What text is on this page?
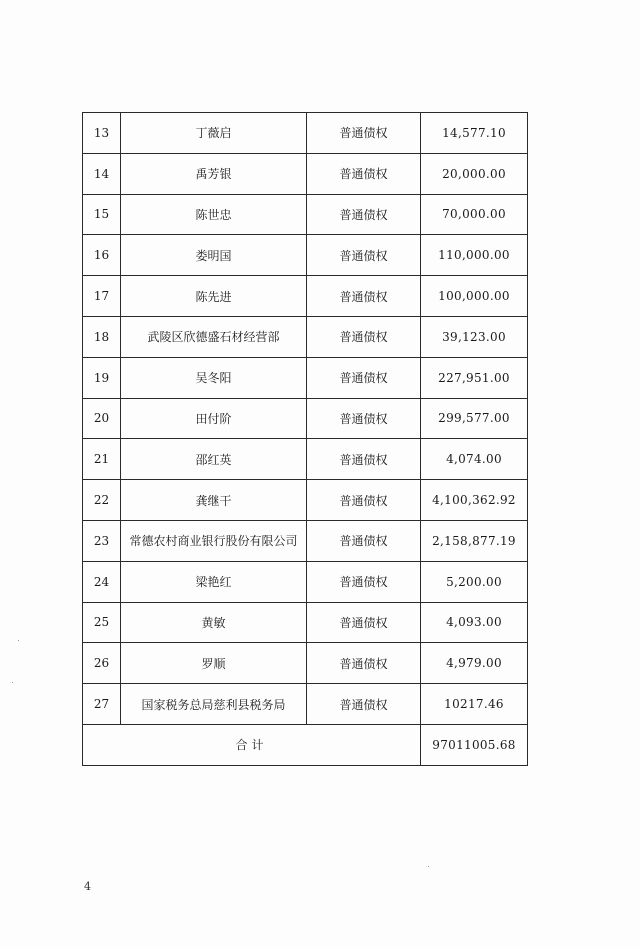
13	丁薇启	普通债权	14,577.10
14	禹芳银	普通债权	20,000.00
15	陈世忠	普通债权	70,000.00
16	娄明国	普通债权	110,000.00
17	陈先进	普通债权	100,000.00
18	武陵区欣德盛石材经营部	普通债权	39,123.00
19	吴冬阳	普通债权	227,951.00
20	田付阶	普通债权	299,577.00
21	邵红英	普通债权	4,074.00
22	龚继干	普通债权	4,100,362.92
23	常德农村商业银行股份有限公司	普通债权	2,158,877.19
24	梁艳红	普通债权	5,200.00
25	黄敏	普通债权	4,093.00
26	罗顺	普通债权	4,979.00
27	国家税务总局慈利县税务局	普通债权	10217.46
合计			97011005.68
4
